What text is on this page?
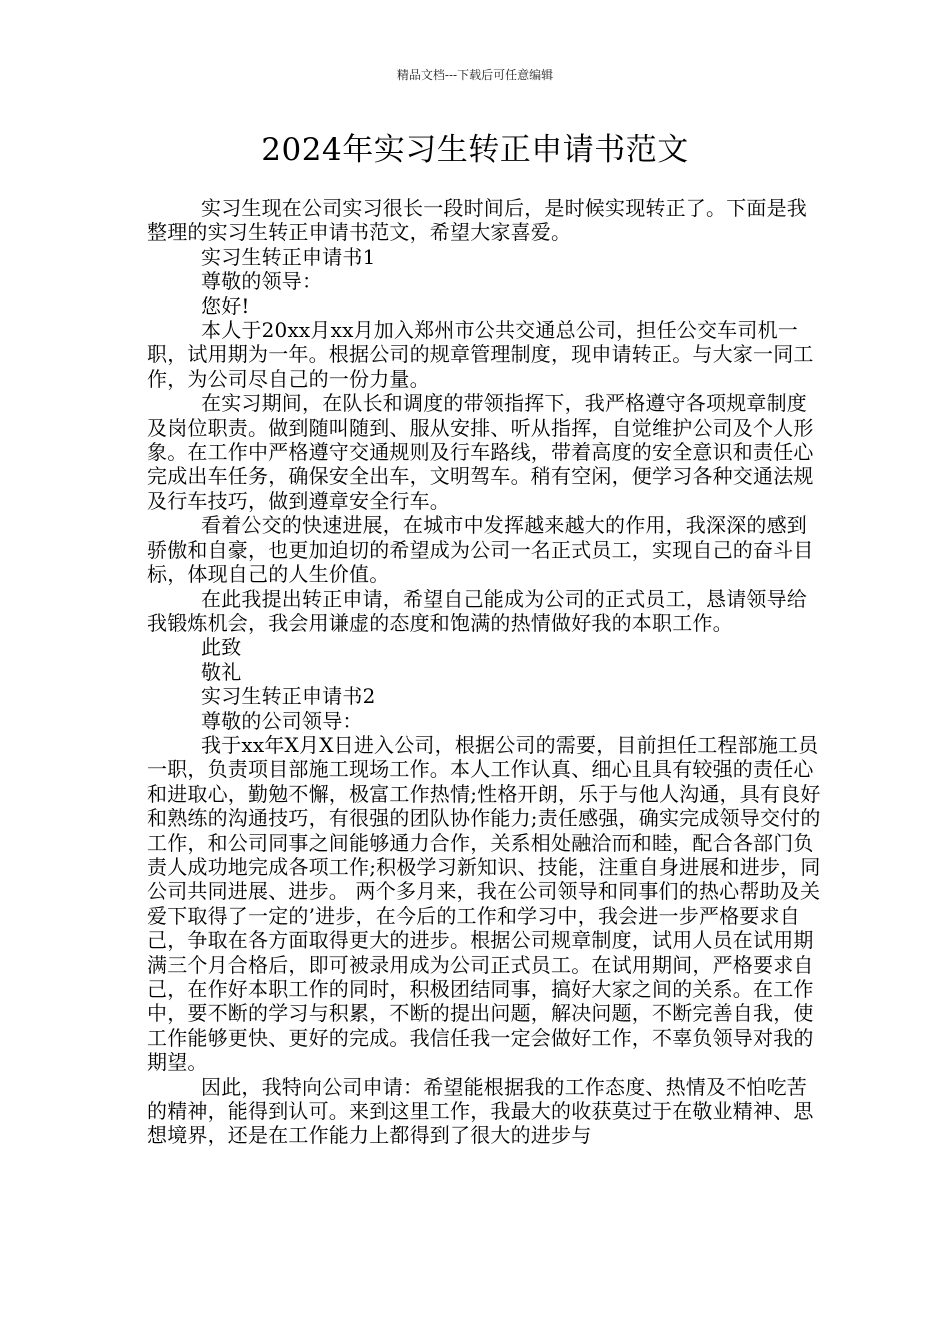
精品文档---下载后可任意编辑
2024年实习生转正申请书范文

实习生现在公司实习很长一段时间后，是时候实现转正了。下面是我整理的实习生转正申请书范文，希望大家喜爱。

实习生转正申请书1

尊敬的领导：

您好!

本人于20xx月xx月加入郑州市公共交通总公司，担任公交车司机一职，试用期为一年。根据公司的规章管理制度，现申请转正。与大家一同工作，为公司尽自己的一份力量。

在实习期间，在队长和调度的带领指挥下，我严格遵守各项规章制度及岗位职责。做到随叫随到、服从安排、听从指挥，自觉维护公司及个人形象。在工作中严格遵守交通规则及行车路线，带着高度的安全意识和责任心完成出车任务，确保安全出车，文明驾车。稍有空闲，便学习各种交通法规及行车技巧，做到遵章安全行车。

看着公交的快速进展，在城市中发挥越来越大的作用，我深深的感到骄傲和自豪，也更加迫切的希望成为公司一名正式员工，实现自己的奋斗目标，体现自己的人生价值。

在此我提出转正申请，希望自己能成为公司的正式员工，恳请领导给我锻炼机会，我会用谦虚的态度和饱满的热情做好我的本职工作。

此致

敬礼

实习生转正申请书2

尊敬的公司领导：

我于xx年X月X日进入公司，根据公司的需要，目前担任工程部施工员一职，负责项目部施工现场工作。本人工作认真、细心且具有较强的责任心和进取心，勤勉不懈，极富工作热情;性格开朗，乐于与他人沟通，具有良好和熟练的沟通技巧，有很强的团队协作能力;责任感强，确实完成领导交付的工作，和公司同事之间能够通力合作，关系相处融洽而和睦，配合各部门负责人成功地完成各项工作;积极学习新知识、技能，注重自身进展和进步，同公司共同进展、进步。 两个多月来，我在公司领导和同事们的热心帮助及关爱下取得了一定的’进步，在今后的工作和学习中，我会进一步严格要求自己，争取在各方面取得更大的进步。根据公司规章制度，试用人员在试用期满三个月合格后，即可被录用成为公司正式员工。在试用期间，严格要求自己，在作好本职工作的同时，积极团结同事，搞好大家之间的关系。在工作中，要不断的学习与积累，不断的提出问题，解决问题，不断完善自我，使工作能够更快、更好的完成。我信任我一定会做好工作，不辜负领导对我的期望。

因此，我特向公司申请：希望能根据我的工作态度、热情及不怕吃苦的精神，能得到认可。来到这里工作，我最大的收获莫过于在敬业精神、思想境界，还是在工作能力上都得到了很大的进步与
